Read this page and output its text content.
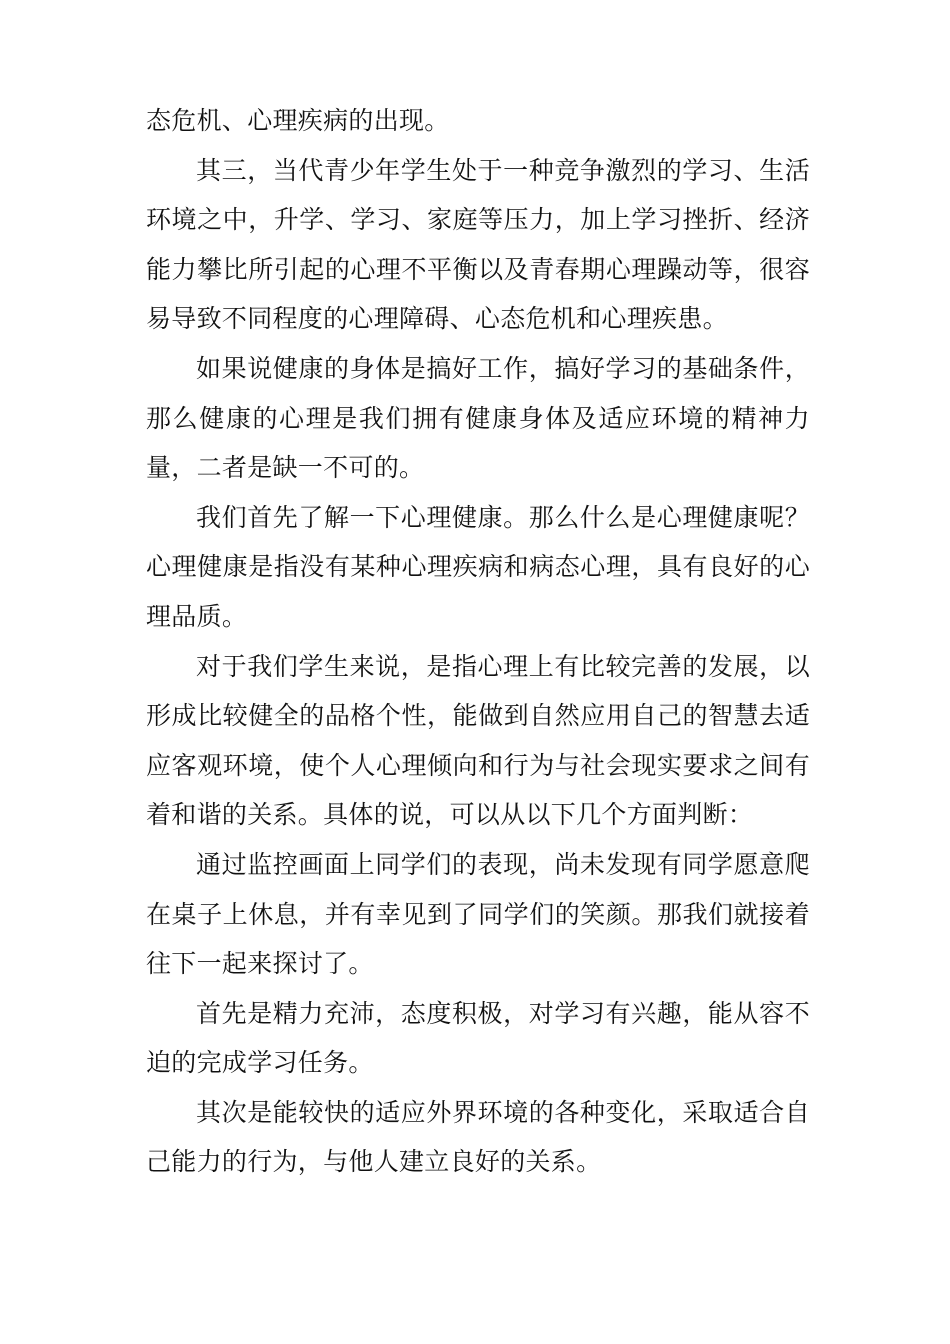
态危机、心理疾病的出现。

其三，当代青少年学生处于一种竞争激烈的学习、生活环境之中，升学、学习、家庭等压力，加上学习挫折、经济能力攀比所引起的心理不平衡以及青春期心理躁动等，很容易导致不同程度的心理障碍、心态危机和心理疾患。

如果说健康的身体是搞好工作，搞好学习的基础条件，那么健康的心理是我们拥有健康身体及适应环境的精神力量，二者是缺一不可的。

我们首先了解一下心理健康。那么什么是心理健康呢？心理健康是指没有某种心理疾病和病态心理，具有良好的心理品质。

对于我们学生来说，是指心理上有比较完善的发展，以形成比较健全的品格个性，能做到自然应用自己的智慧去适应客观环境，使个人心理倾向和行为与社会现实要求之间有着和谐的关系。具体的说，可以从以下几个方面判断：

通过监控画面上同学们的表现，尚未发现有同学愿意爬在桌子上休息，并有幸见到了同学们的笑颜。那我们就接着往下一起来探讨了。

首先是精力充沛，态度积极，对学习有兴趣，能从容不迫的完成学习任务。

其次是能较快的适应外界环境的各种变化，采取适合自己能力的行为，与他人建立良好的关系。
